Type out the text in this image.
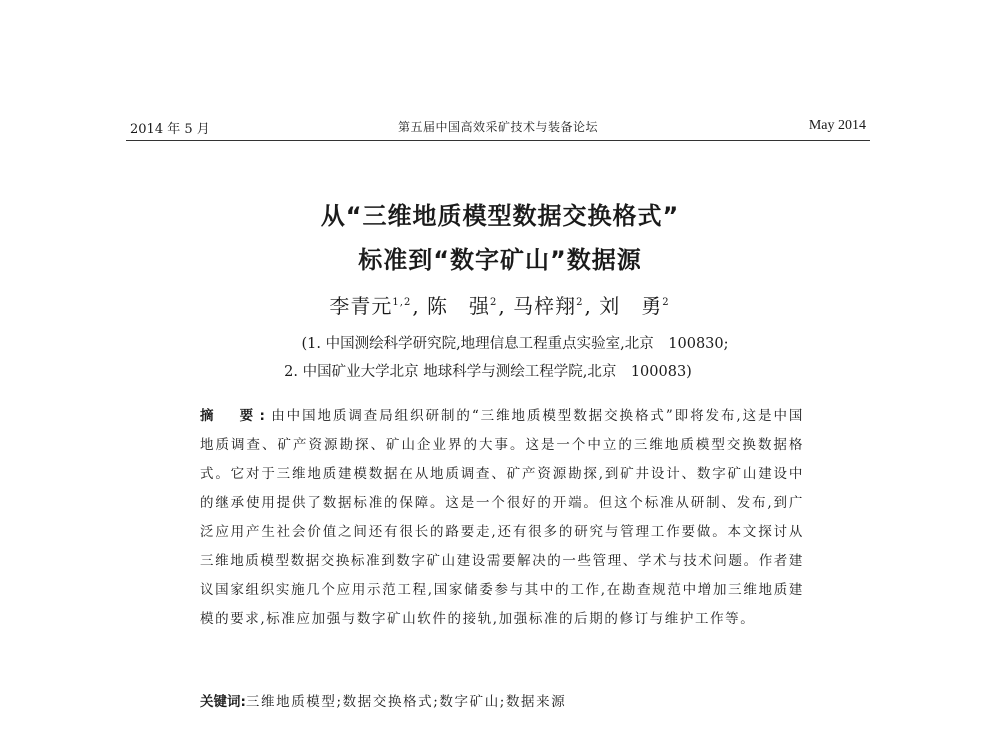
2014 年 5 月	第五届中国高效采矿技术与装备论坛	May 2014
从“三维地质模型数据交换格式”
标准到“数字矿山”数据源
李青元$^{1,2}$, 陈　强$^2$, 马梓翔$^2$, 刘　勇$^2$
(1. 中国测绘科学研究院,地理信息工程重点实验室,北京　100830;
2. 中国矿业大学北京 地球科学与测绘工程学院,北京　100083)
摘　要:由中国地质调查局组织研制的“三维地质模型数据交换格式”即将发布,这是中国地质调查、矿产资源勘探、矿山企业界的大事。这是一个中立的三维地质模型交换数据格式。它对于三维地质建模数据在从地质调查、矿产资源勘探,到矿井设计、数字矿山建设中的继承使用提供了数据标准的保障。这是一个很好的开端。但这个标准从研制、发布,到广泛应用产生社会价值之间还有很长的路要走,还有很多的研究与管理工作要做。本文探讨从三维地质模型数据交换标准到数字矿山建设需要解决的一些管理、学术与技术问题。作者建议国家组织实施几个应用示范工程,国家储委参与其中的工作,在勘查规范中增加三维地质建模的要求,标准应加强与数字矿山软件的接轨,加强标准的后期的修订与维护工作等。
关键词:三维地质模型;数据交换格式;数字矿山;数据来源
